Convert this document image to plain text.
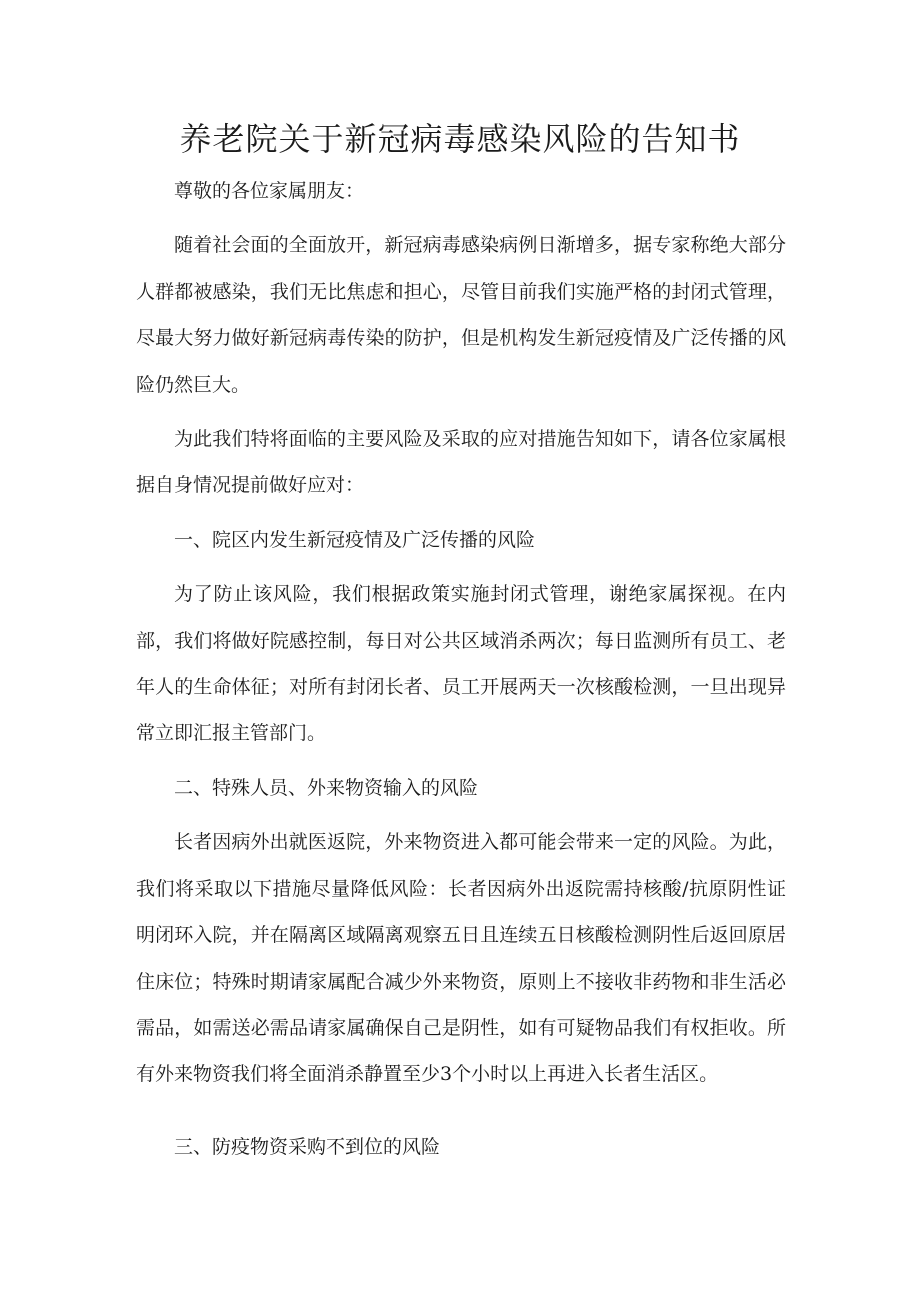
养老院关于新冠病毒感染风险的告知书

尊敬的各位家属朋友：

随着社会面的全面放开，新冠病毒感染病例日渐增多，据专家称绝大部分人群都被感染，我们无比焦虑和担心，尽管目前我们实施严格的封闭式管理，尽最大努力做好新冠病毒传染的防护，但是机构发生新冠疫情及广泛传播的风险仍然巨大。

为此我们特将面临的主要风险及采取的应对措施告知如下，请各位家属根据自身情况提前做好应对：

一、院区内发生新冠疫情及广泛传播的风险

为了防止该风险，我们根据政策实施封闭式管理，谢绝家属探视。在内部，我们将做好院感控制，每日对公共区域消杀两次；每日监测所有员工、老年人的生命体征；对所有封闭长者、员工开展两天一次核酸检测，一旦出现异常立即汇报主管部门。

二、特殊人员、外来物资输入的风险

长者因病外出就医返院，外来物资进入都可能会带来一定的风险。为此，我们将采取以下措施尽量降低风险：长者因病外出返院需持核酸/抗原阴性证明闭环入院，并在隔离区域隔离观察五日且连续五日核酸检测阴性后返回原居住床位；特殊时期请家属配合减少外来物资，原则上不接收非药物和非生活必需品，如需送必需品请家属确保自己是阴性，如有可疑物品我们有权拒收。所有外来物资我们将全面消杀静置至少3个小时以上再进入长者生活区。

三、防疫物资采购不到位的风险
